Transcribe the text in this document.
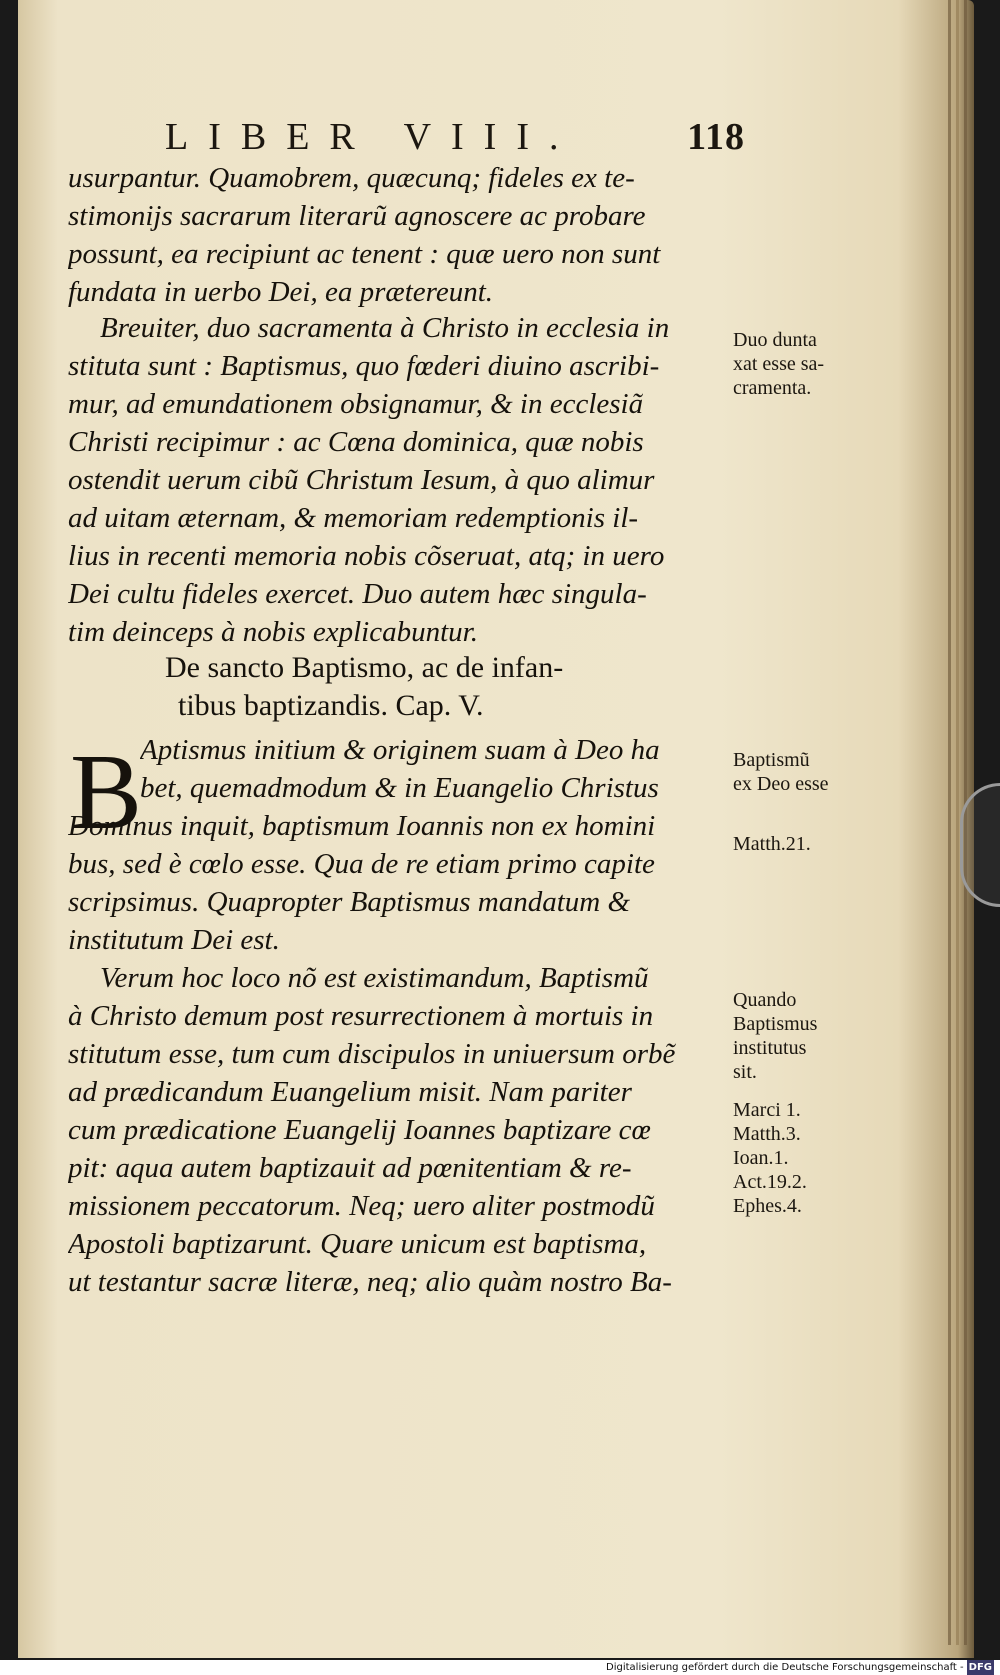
LIBER VIII.	118
usurpantur. Quamobrem, quæcunq; fideles ex te-
stimonijs sacrarum literarũ agnoscere ac probare
possunt, ea recipiunt ac tenent : quæ uero non sunt
fundata in uerbo Dei, ea prætereunt.
Breuiter, duo sacramenta à Christo in ecclesia in
stituta sunt : Baptismus, quo fœderi diuino ascribi-
mur, ad emundationem obsignamur, & in ecclesiã
Christi recipimur : ac Cœna dominica, quæ nobis
ostendit uerum cibũ Christum Iesum, à quo alimur
ad uitam æternam, & memoriam redemptionis il-
lius in recenti memoria nobis cõseruat, atq; in uero
Dei cultu fideles exercet. Duo autem hæc singula-
tim deinceps à nobis explicabuntur.
De sancto Baptismo, ac de infan-
tibus baptizandis. Cap. V.
B
Aptismus initium & originem suam à Deo ha
bet, quemadmodum & in Euangelio Christus
Dominus inquit, baptismum Ioannis non ex homini
bus, sed è cœlo esse. Qua de re etiam primo capite
scripsimus. Quapropter Baptismus mandatum &
institutum Dei est.
Verum hoc loco nõ est existimandum, Baptismũ
à Christo demum post resurrectionem à mortuis in
stitutum esse, tum cum discipulos in uniuersum orbẽ
ad prædicandum Euangelium misit. Nam pariter
cum prædicatione Euangelij Ioannes baptizare cœ
pit: aqua autem baptizauit ad pœnitentiam & re-
missionem peccatorum. Neq; uero aliter postmodũ
Apostoli baptizarunt. Quare unicum est baptisma,
ut testantur sacræ literæ, neq; alio quàm nostro Ba-
Duo dunta
xat esse sa-
cramenta.
Baptismũ
ex Deo esse
Matth.21.
Quando
Baptismus
institutus
sit.
Marci 1.
Matth.3.
Ioan.1.
Act.19.2.
Ephes.4.
Digitalisierung gefördert durch die Deutsche Forschungsgemeinschaft - DFG
